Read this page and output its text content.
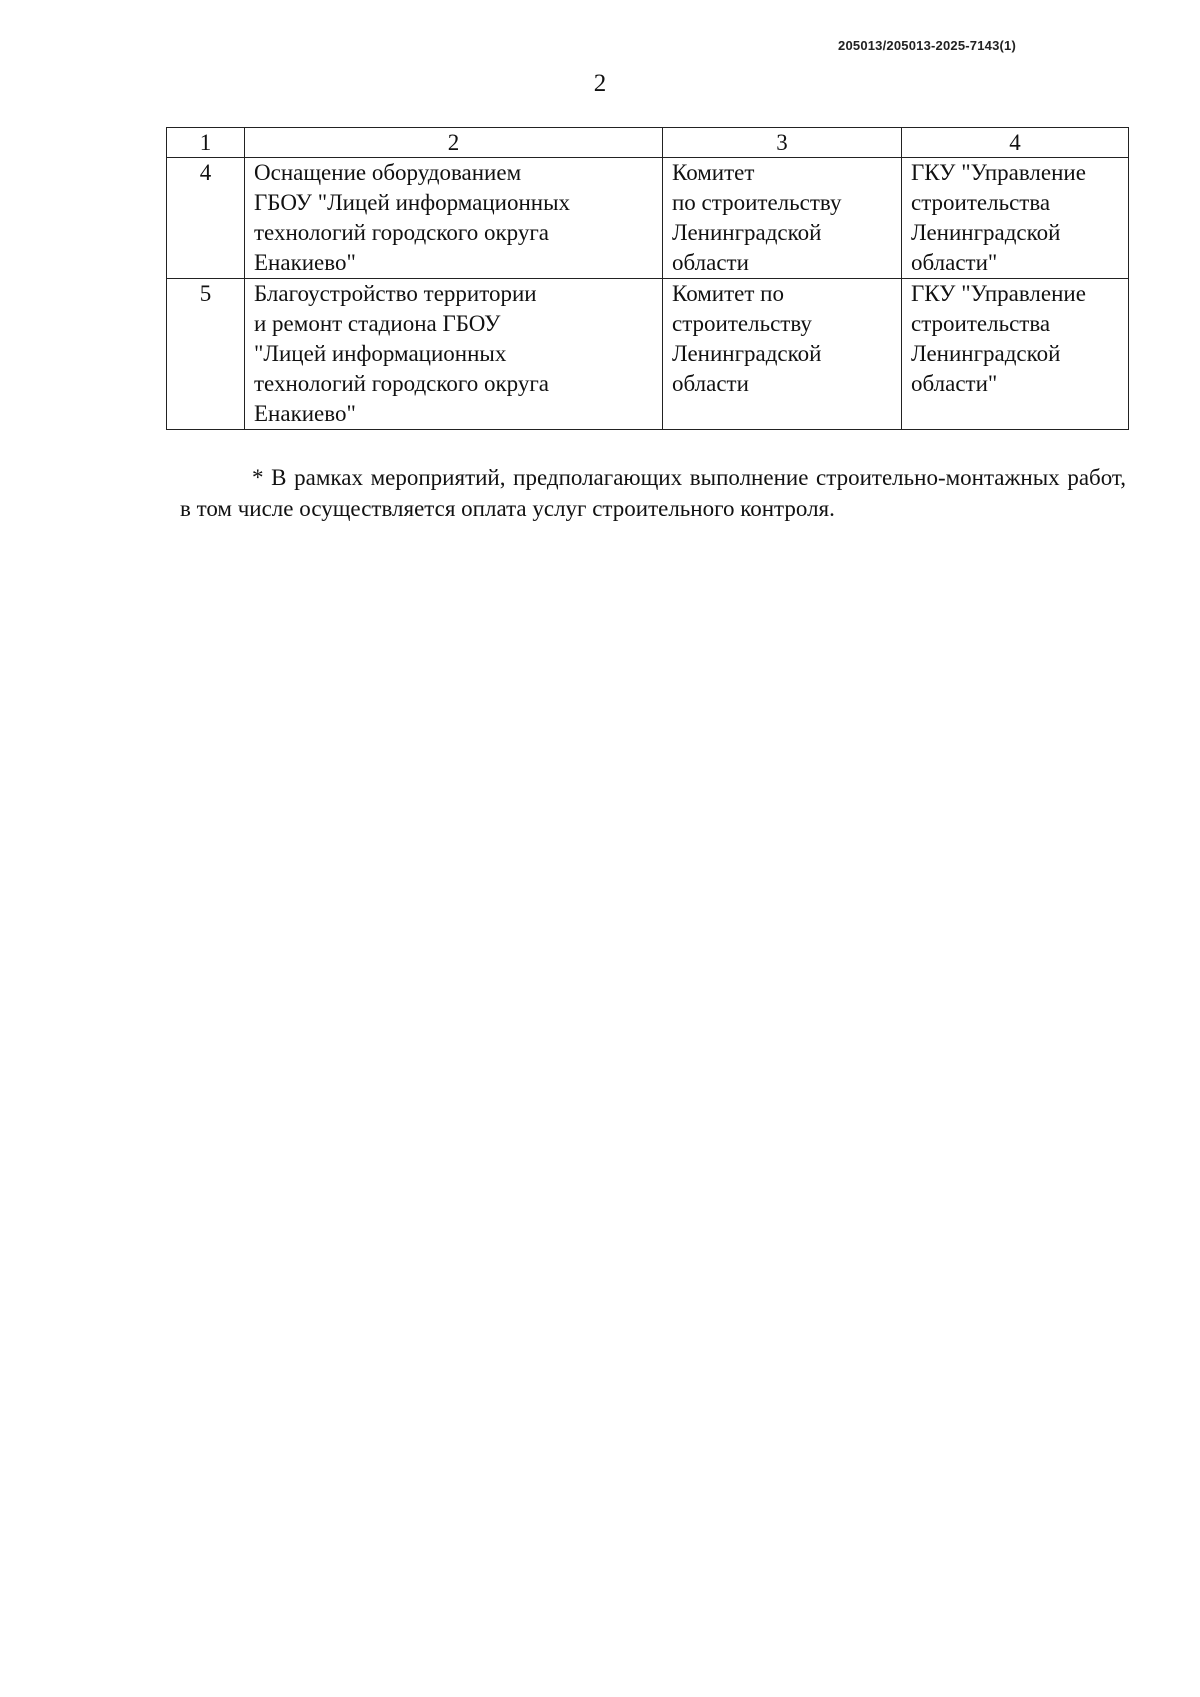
205013/205013-2025-7143(1)
2
1	2	3	4
4	Оснащение оборудованием
ГБОУ "Лицей информационных
технологий городского округа
Енакиево"	Комитет
по строительству
Ленинградской
области	ГКУ "Управление
строительства
Ленинградской
области"

5	Благоустройство территории
и ремонт стадиона ГБОУ
"Лицей информационных
технологий городского округа
Енакиево"	Комитет по
строительству
Ленинградской
области	ГКУ "Управление
строительства
Ленинградской
области"

* В рамках мероприятий, предполагающих выполнение строительно-монтажных работ, в том числе осуществляется оплата услуг строительного контроля.
